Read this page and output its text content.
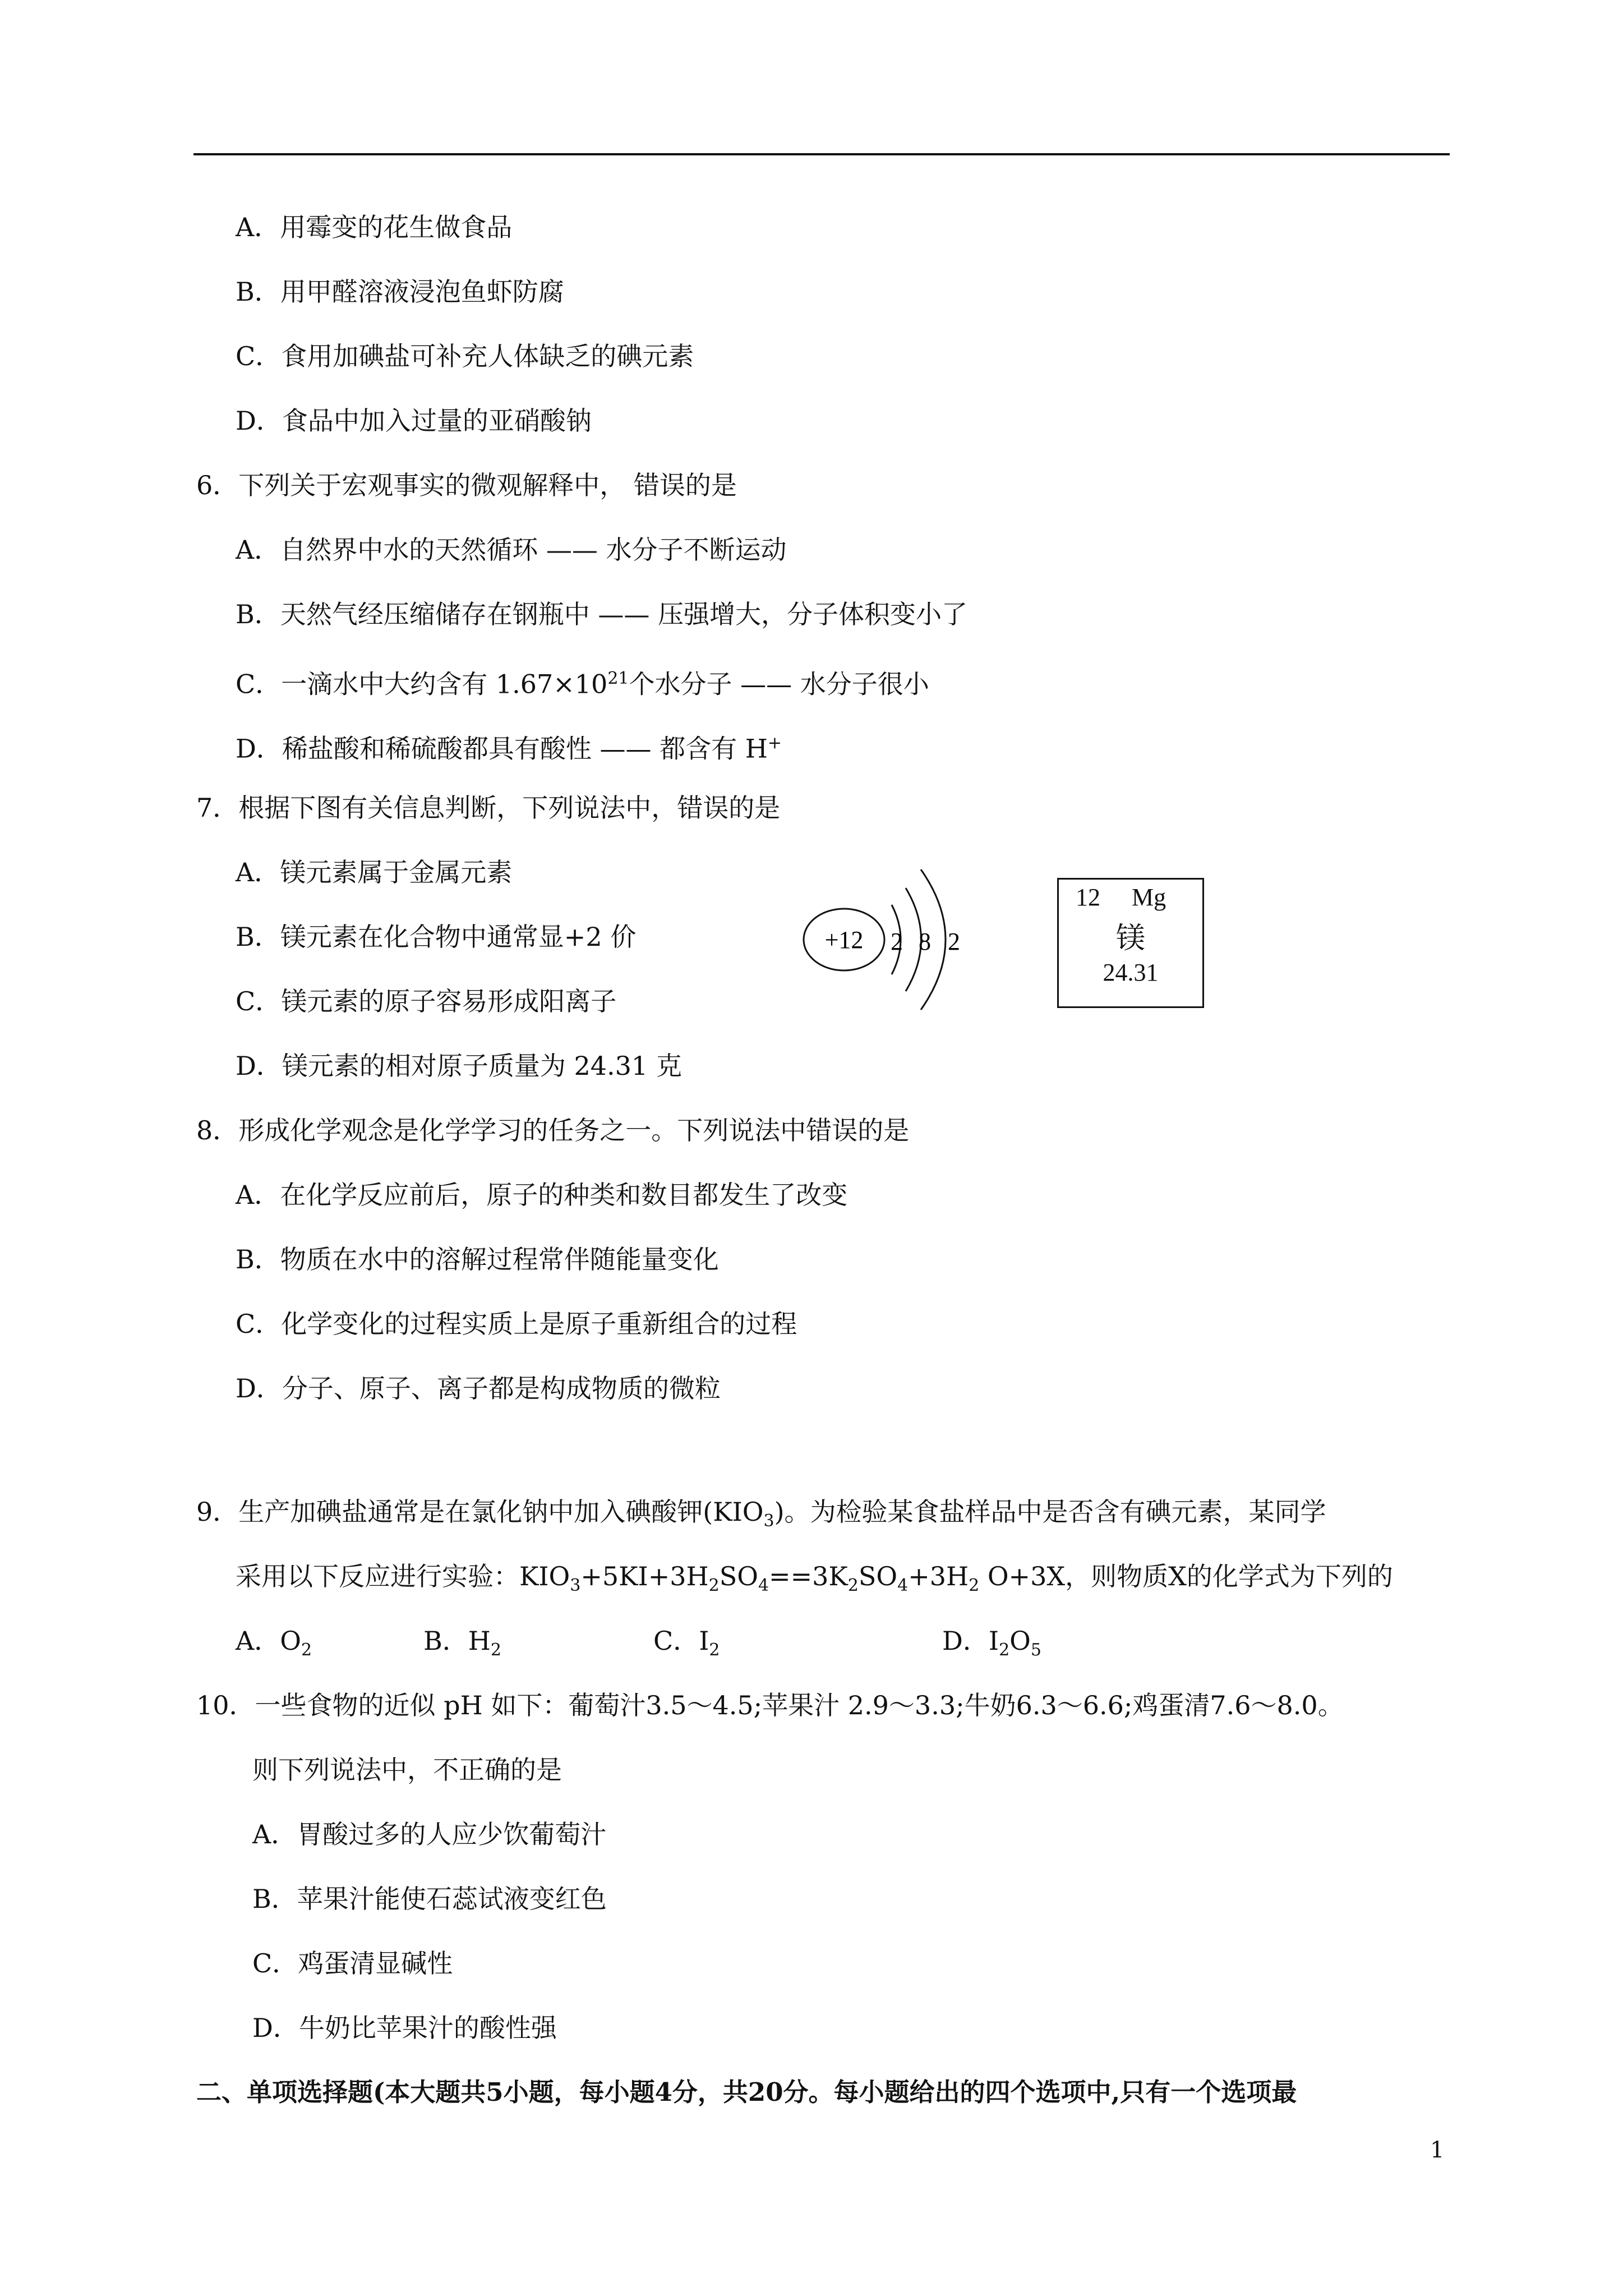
A．用霉变的花生做食品
B．用甲醛溶液浸泡鱼虾防腐
C．食用加碘盐可补充人体缺乏的碘元素
D．食品中加入过量的亚硝酸钠
6．下列关于宏观事实的微观解释中， 错误的是
A．自然界中水的天然循环 —— 水分子不断运动
B．天然气经压缩储存在钢瓶中 —— 压强增大，分子体积变小了
C．一滴水中大约含有 $1.67\times 10^{21}$个水分子 —— 水分子很小
D．稀盐酸和稀硫酸都具有酸性 —— 都含有 H+
7．根据下图有关信息判断，下列说法中，错误的是
A．镁元素属于金属元素
B．镁元素在化合物中通常显+2 价
C．镁元素的原子容易形成阳离子
D．镁元素的相对原子质量为 24.31 克
+12 2 8 2
12 Mg
镁
24.31
8．形成化学观念是化学学习的任务之一。下列说法中错误的是
A．在化学反应前后，原子的种类和数目都发生了改变
B．物质在水中的溶解过程常伴随能量变化
C．化学变化的过程实质上是原子重新组合的过程
D．分子、原子、离子都是构成物质的微粒
9．生产加碘盐通常是在氯化钠中加入碘酸钾$(KIO_3)$。为检验某食盐样品中是否含有碘元素，某同学
采用以下反应进行实验：$KIO_3+5KI+3H_2SO_4==3K_2SO_4+3H_2$ O+3X，则物质X的化学式为下列的
A．$O_2$	B．$H_2$	C．$I_2$	D．$I_2O_5$
10．一些食物的近似 pH 如下：葡萄汁3.5～4.5;苹果汁 2.9～3.3;牛奶6.3～6.6;鸡蛋清7.6～8.0。
则下列说法中，不正确的是
A．胃酸过多的人应少饮葡萄汁
B．苹果汁能使石蕊试液变红色
C．鸡蛋清显碱性
D．牛奶比苹果汁的酸性强
二、单项选择题(本大题共5小题，每小题4分，共20分。每小题给出的四个选项中,只有一个选项最
1
